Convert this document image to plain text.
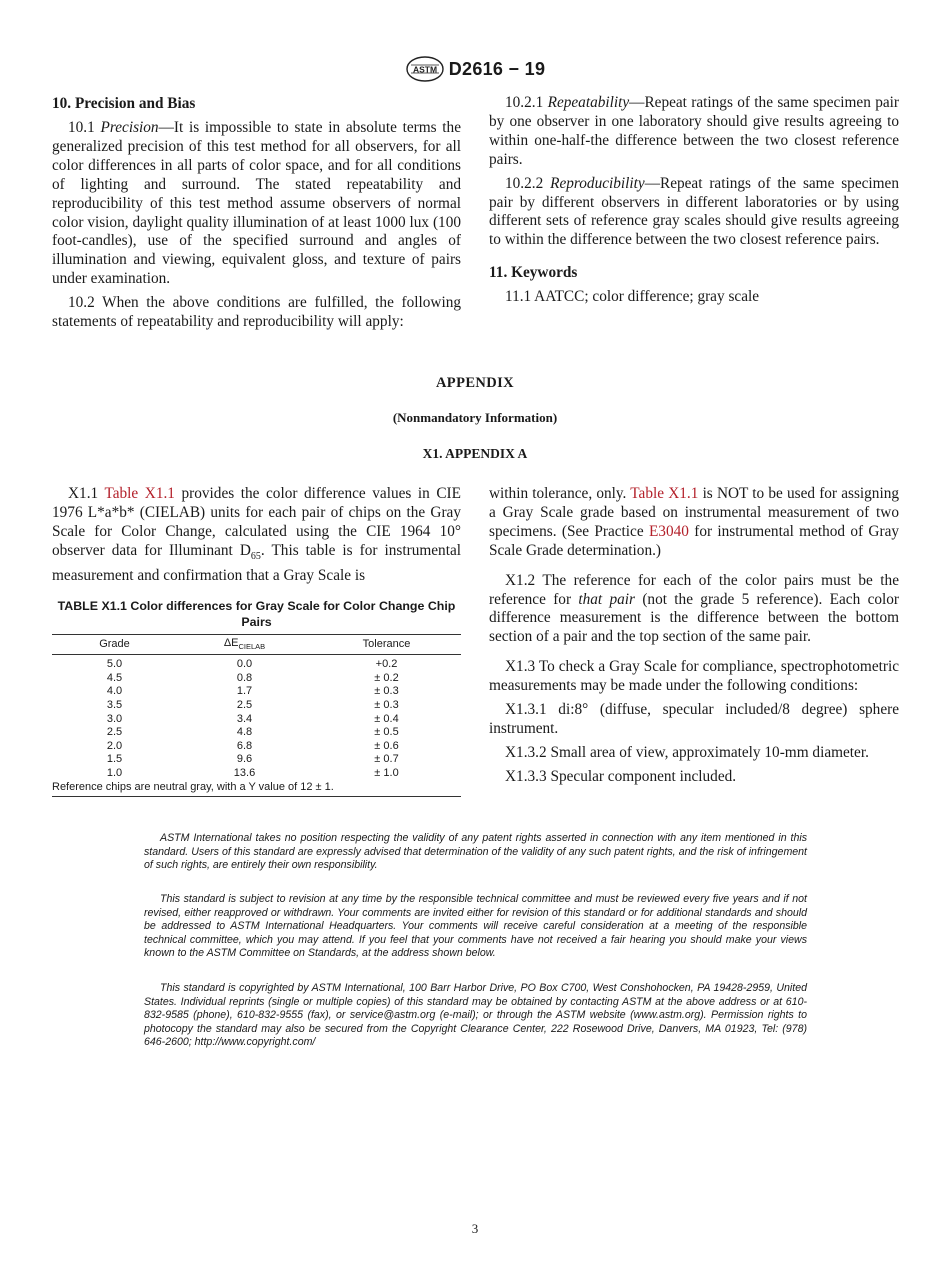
ASTM D2616 − 19

10. Precision and Bias

10.1 Precision—It is impossible to state in absolute terms the generalized precision of this test method for all observers, for all color differences in all parts of color space, and for all conditions of lighting and surround. The stated repeatability and reproducibility of this test method assume observers of normal color vision, daylight quality illumination of at least 1000 lux (100 foot-candles), use of the specified surround and angles of illumination and viewing, equivalent gloss, and texture of pairs under examination.

10.2 When the above conditions are fulfilled, the following statements of repeatability and reproducibility will apply:

10.2.1 Repeatability—Repeat ratings of the same specimen pair by one observer in one laboratory should give results agreeing to within one-half-the difference between the two closest reference pairs.

10.2.2 Reproducibility—Repeat ratings of the same specimen pair by different observers in different laboratories or by using different sets of reference gray scales should give results agreeing to within the difference between the two closest reference pairs.

11. Keywords

11.1 AATCC; color difference; gray scale

APPENDIX
(Nonmandatory Information)
X1. APPENDIX A

X1.1 Table X1.1 provides the color difference values in CIE 1976 L*a*b* (CIELAB) units for each pair of chips on the Gray Scale for Color Change, calculated using the CIE 1964 10° observer data for Illuminant $D_{65}$. This table is for instrumental measurement and confirmation that a Gray Scale is

TABLE X1.1 Color differences for Gray Scale for Color Change Chip Pairs
Grade	$\Delta E_{CIELAB}$	Tolerance
5.0	0.0	+0.2
4.5	0.8	± 0.2
4.0	1.7	± 0.3
3.5	2.5	± 0.3
3.0	3.4	± 0.4
2.5	4.8	± 0.5
2.0	6.8	± 0.6
1.5	9.6	± 0.7
1.0	13.6	± 1.0
Reference chips are neutral gray, with a Y value of 12 ± 1.		

within tolerance, only. Table X1.1 is NOT to be used for assigning a Gray Scale grade based on instrumental measurement of two specimens. (See Practice E3040 for instrumental method of Gray Scale Grade determination.)

X1.2 The reference for each of the color pairs must be the reference for that pair (not the grade 5 reference). Each color difference measurement is the difference between the bottom section of a pair and the top section of the same pair.

X1.3 To check a Gray Scale for compliance, spectrophotometric measurements may be made under the following conditions:

X1.3.1 di:8° (diffuse, specular included/8 degree) sphere instrument.

X1.3.2 Small area of view, approximately 10-mm diameter.

X1.3.3 Specular component included.

ASTM International takes no position respecting the validity of any patent rights asserted in connection with any item mentioned in this standard. Users of this standard are expressly advised that determination of the validity of any such patent rights, and the risk of infringement of such rights, are entirely their own responsibility.

This standard is subject to revision at any time by the responsible technical committee and must be reviewed every five years and if not revised, either reapproved or withdrawn. Your comments are invited either for revision of this standard or for additional standards and should be addressed to ASTM International Headquarters. Your comments will receive careful consideration at a meeting of the responsible technical committee, which you may attend. If you feel that your comments have not received a fair hearing you should make your views known to the ASTM Committee on Standards, at the address shown below.

This standard is copyrighted by ASTM International, 100 Barr Harbor Drive, PO Box C700, West Conshohocken, PA 19428-2959, United States. Individual reprints (single or multiple copies) of this standard may be obtained by contacting ASTM at the above address or at 610-832-9585 (phone), 610-832-9555 (fax), or service@astm.org (e-mail); or through the ASTM website (www.astm.org). Permission rights to photocopy the standard may also be secured from the Copyright Clearance Center, 222 Rosewood Drive, Danvers, MA 01923, Tel: (978) 646-2600; http://www.copyright.com/

3
